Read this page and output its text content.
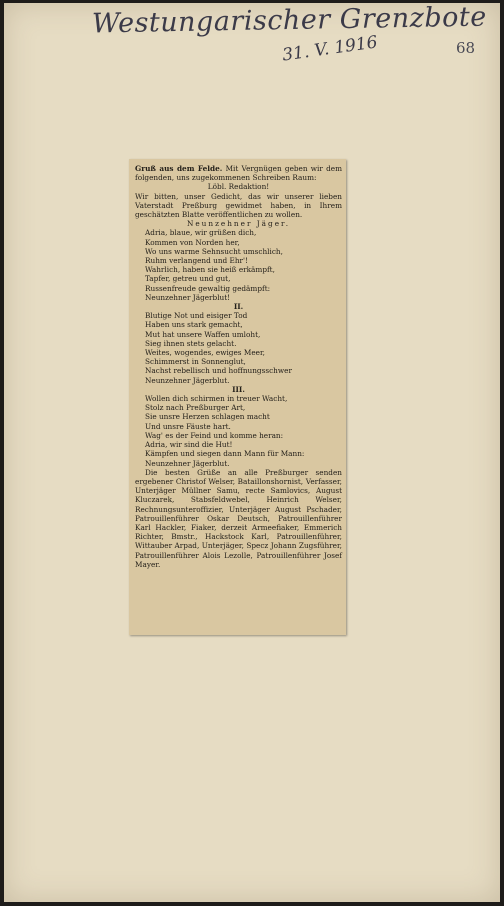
Westungarischer Grenzbote
31. V. 1916	68

Gruß aus dem Felde. Mit Vergnügen geben wir dem folgenden, uns zugekommenen Schreiben Raum:

Löbl. Redaktion!

Wir bitten, unser Gedicht, das wir unserer lieben Vaterstadt Preßburg gewidmet haben, in Ihrem geschätzten Blatte veröffentlichen zu wollen.

Neunzehner Jäger.

Adria, blaue, wir grüßen dich,
Kommen von Norden her,
Wo uns warme Sehnsucht umschlich,
Ruhm verlangend und Ehr'!
Wahrlich, haben sie heiß erkämpft,
Tapfer, getreu und gut,
Russenfreude gewaltig gedämpft:
Neunzehner Jägerblut!

II.

Blutige Not und eisiger Tod
Haben uns stark gemacht,
Mut hat unsere Waffen umloht,
Sieg ihnen stets gelacht.
Weites, wogendes, ewiges Meer,
Schimmerst in Sonnenglut,
Nachst rebellisch und hoffnungsschwer
Neunzehner Jägerblut.

III.

Wollen dich schirmen in treuer Wacht,
Stolz nach Preßburger Art,
Sie unsre Herzen schlagen macht
Und unsre Fäuste hart.
Wag' es der Feind und komme heran:
Adria, wir sind die Hut!
Kämpfen und siegen dann Mann für Mann:
Neunzehner Jägerblut.

Die besten Grüße an alle Preßburger senden ergebener Christof Welser, Bataillonshornist, Verfasser, Unterjäger Müllner Samu, recte Samlovics, August Kluczarek, Stabsfeldwebel, Heinrich Welser, Rechnungsunteroffizier, Unterjäger August Pschader, Patrouillenführer Oskar Deutsch, Patrouillenführer Karl Hackler, Fiaker, derzeit Armeefiaker, Emmerich Richter, Bmstr., Hackstock Karl, Patrouillenführer, Wittauber Arpad, Unterjäger, Specz Johann Zugsführer, Patrouillenführer Alois Lezolle, Patrouillenführer Josef Mayer.
